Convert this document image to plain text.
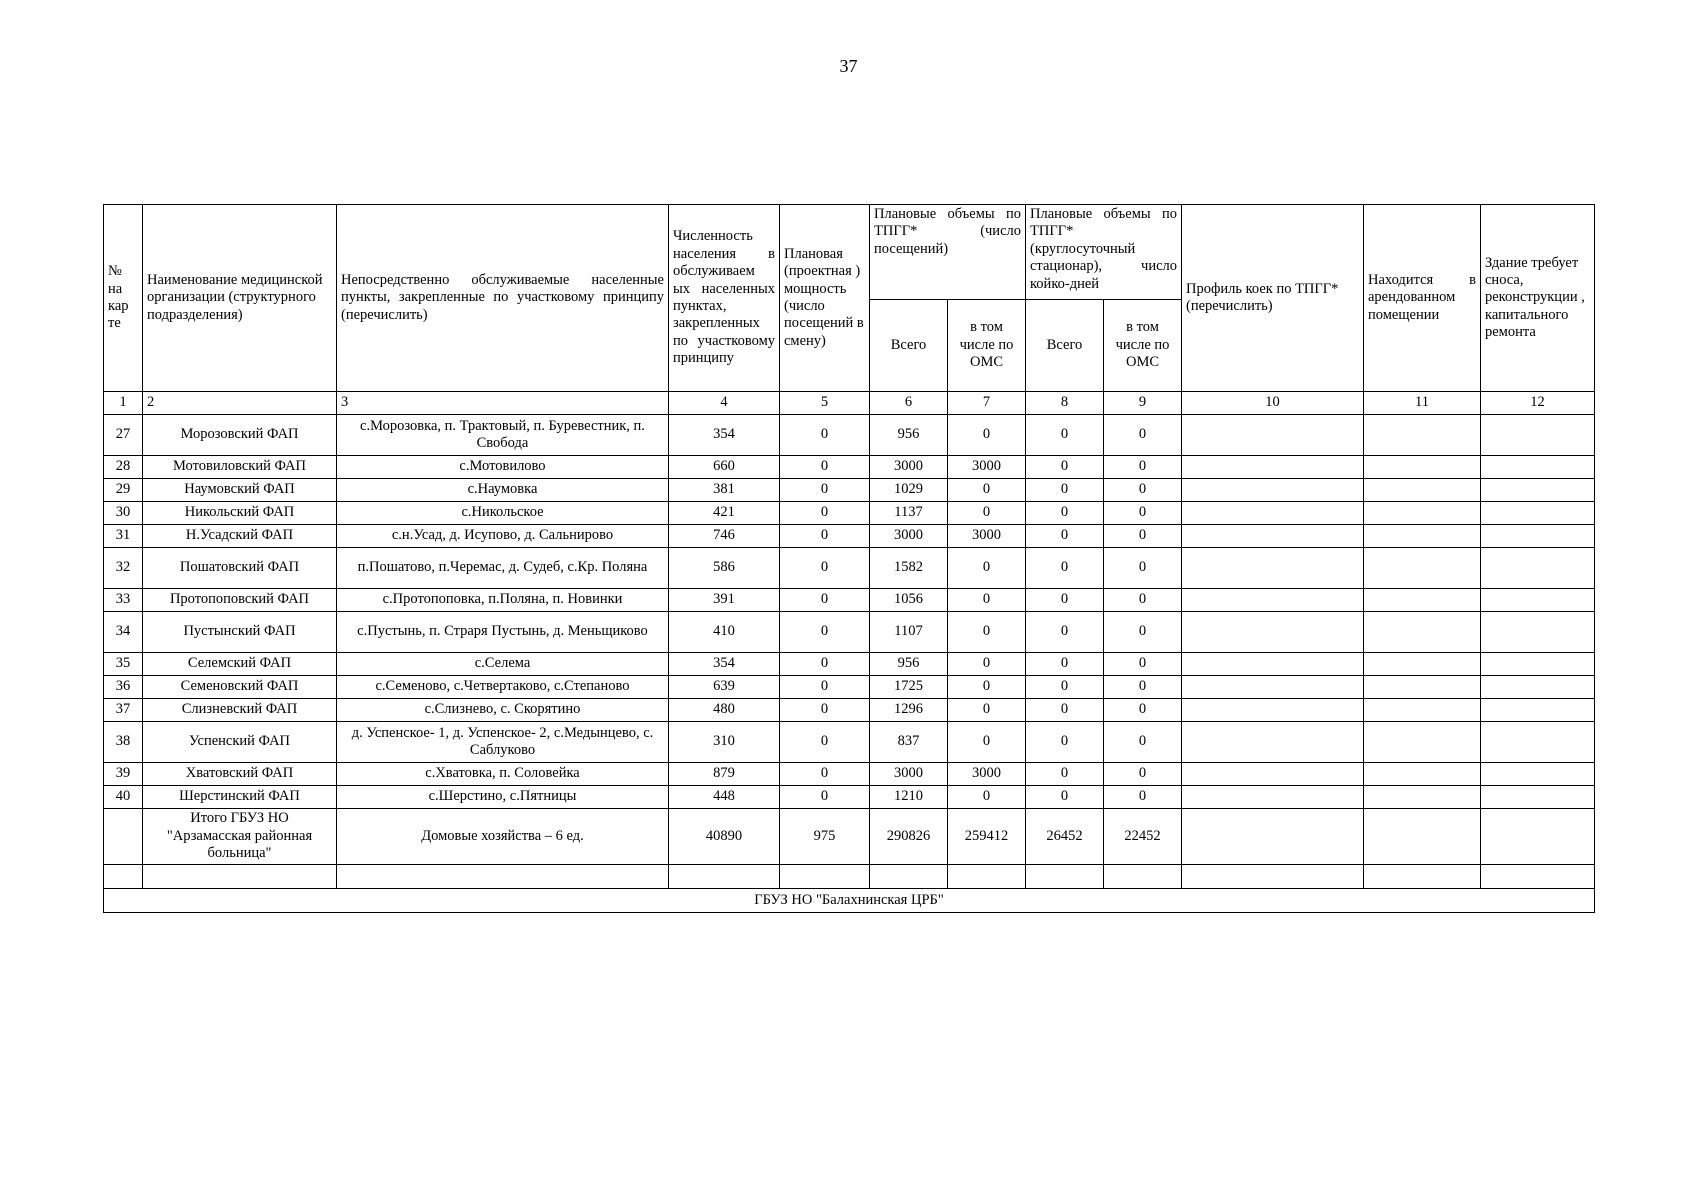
37
№ на кар те	Наименование медицинской организации (структурного подразделения)	Непосредственно обслуживаемые населенные пункты, закрепленные по участковому принципу (перечислить)	Численность населения в обслуживаем ых населенных пунктах, закрепленных по участковому принципу	Плановая (проектная ) мощность (число посещений в смену)	Плановые объемы по ТПГГ* (число посещений)		Плановые объемы по ТПГГ* (круглосуточный стационар), число койко-дней		Профиль коек по ТПГГ* (перечислить)	Находится в арендованном помещении	Здание требует сноса, реконструкции , капитального ремонта
					Всего	в том числе по ОМС	Всего	в том числе по ОМС			
1	2	3	4	5	6	7	8	9	10	11	12
27	Морозовский ФАП	с.Морозовка, п. Трактовый, п. Буревестник, п. Свобода	354	0	956	0	0	0			
28	Мотовиловский ФАП	с.Мотовилово	660	0	3000	3000	0	0			
29	Наумовский ФАП	с.Наумовка	381	0	1029	0	0	0			
30	Никольский ФАП	с.Никольское	421	0	1137	0	0	0			
31	Н.Усадский ФАП	с.н.Усад, д. Исупово, д. Сальнирово	746	0	3000	3000	0	0			
32	Пошатовский ФАП	п.Пошатово, п.Черемас, д. Судеб, с.Кр. Поляна	586	0	1582	0	0	0			
33	Протопоповский ФАП	с.Протопоповка, п.Поляна, п. Новинки	391	0	1056	0	0	0			
34	Пустынский ФАП	с.Пустынь, п. Страря Пустынь, д. Меньщиково	410	0	1107	0	0	0			
35	Селемский ФАП	с.Селема	354	0	956	0	0	0			
36	Семеновский ФАП	с.Семеново, с.Четвертаково, с.Степаново	639	0	1725	0	0	0			
37	Слизневский ФАП	с.Слизнево, с. Скорятино	480	0	1296	0	0	0			
38	Успенский ФАП	д. Успенское- 1, д. Успенское- 2, с.Медынцево, с. Саблуково	310	0	837	0	0	0			
39	Хватовский ФАП	с.Хватовка, п. Соловейка	879	0	3000	3000	0	0			
40	Шерстинский ФАП	с.Шерстино, с.Пятницы	448	0	1210	0	0	0			
	Итого ГБУЗ НО "Арзамасская районная больница"	Домовые хозяйства – 6 ед.	40890	975	290826	259412	26452	22452			

ГБУЗ НО "Балахнинская ЦРБ"											
